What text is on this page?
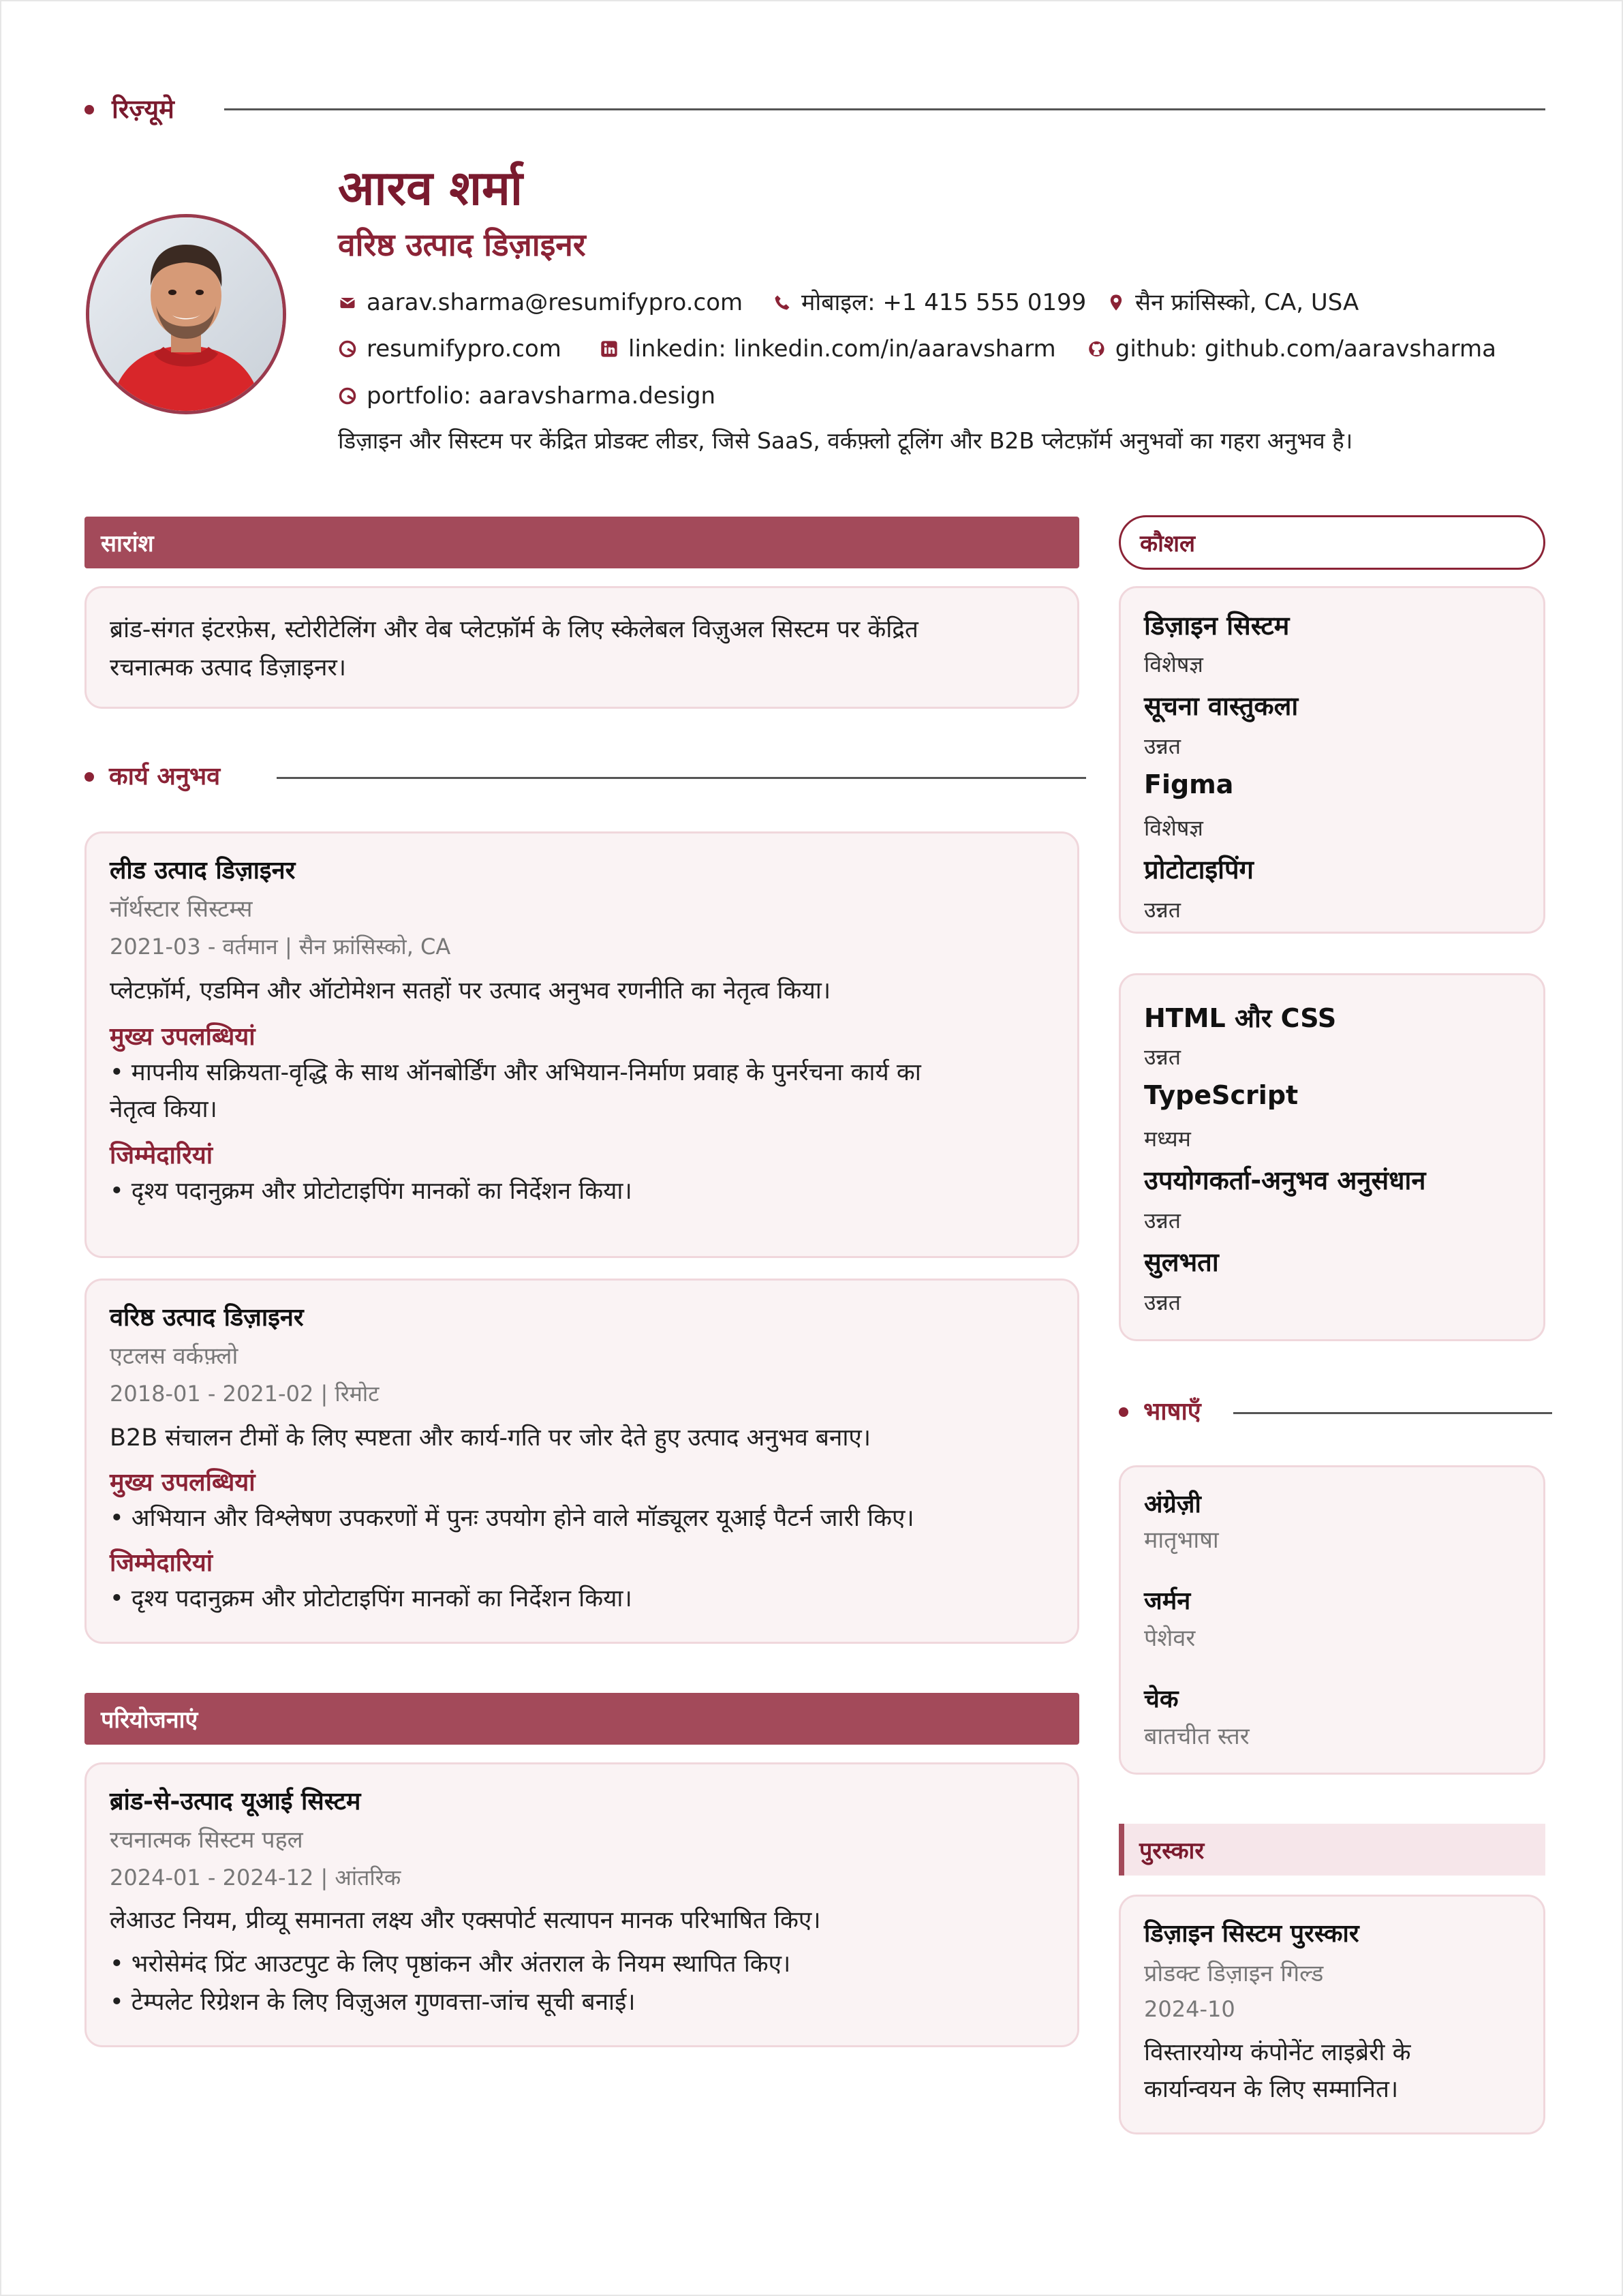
रिज़्यूमे
आरव शर्मा
वरिष्ठ उत्पाद डिज़ाइनर
aarav.sharma@resumifypro.com	मोबाइल: +1 415 555 0199 सैन फ्रांसिस्को, CA, USA
resumifypro.com	linkedin: linkedin.com/in/aaravsharm	github: github.com/aaravsharma
portfolio: aaravsharma.design
डिज़ाइन और सिस्टम पर केंद्रित प्रोडक्ट लीडर, जिसे SaaS, वर्कफ़्लो टूलिंग और B2B प्लेटफ़ॉर्म अनुभवों का गहरा अनुभव है।
सारांश
ब्रांड-संगत इंटरफ़ेस, स्टोरीटेलिंग और वेब प्लेटफ़ॉर्म के लिए स्केलेबल विज़ुअल सिस्टम पर केंद्रित
रचनात्मक उत्पाद डिज़ाइनर।
कार्य अनुभव
लीड उत्पाद डिज़ाइनर
नॉर्थस्टार सिस्टम्स
2021-03 - वर्तमान | सैन फ्रांसिस्को, CA
प्लेटफ़ॉर्म, एडमिन और ऑटोमेशन सतहों पर उत्पाद अनुभव रणनीति का नेतृत्व किया।
मुख्य उपलब्धियां
• मापनीय सक्रियता-वृद्धि के साथ ऑनबोर्डिंग और अभियान-निर्माण प्रवाह के पुनर्रचना कार्य का
नेतृत्व किया।
जिम्मेदारियां
• दृश्य पदानुक्रम और प्रोटोटाइपिंग मानकों का निर्देशन किया।
वरिष्ठ उत्पाद डिज़ाइनर
एटलस वर्कफ़्लो
2018-01 - 2021-02 | रिमोट
B2B संचालन टीमों के लिए स्पष्टता और कार्य-गति पर जोर देते हुए उत्पाद अनुभव बनाए।
मुख्य उपलब्धियां
• अभियान और विश्लेषण उपकरणों में पुनः उपयोग होने वाले मॉड्यूलर यूआई पैटर्न जारी किए।
जिम्मेदारियां
• दृश्य पदानुक्रम और प्रोटोटाइपिंग मानकों का निर्देशन किया।
परियोजनाएं
ब्रांड-से-उत्पाद यूआई सिस्टम
रचनात्मक सिस्टम पहल
2024-01 - 2024-12 | आंतरिक
लेआउट नियम, प्रीव्यू समानता लक्ष्य और एक्सपोर्ट सत्यापन मानक परिभाषित किए।
• भरोसेमंद प्रिंट आउटपुट के लिए पृष्ठांकन और अंतराल के नियम स्थापित किए।
• टेम्पलेट रिग्रेशन के लिए विज़ुअल गुणवत्ता-जांच सूची बनाई।
कौशल
डिज़ाइन सिस्टम
विशेषज्ञ
सूचना वास्तुकला
उन्नत
Figma
विशेषज्ञ
प्रोटोटाइपिंग
उन्नत
HTML और CSS
उन्नत
TypeScript
मध्यम
उपयोगकर्ता-अनुभव अनुसंधान
उन्नत
सुलभता
उन्नत
भाषाएँ
अंग्रेज़ी
मातृभाषा
जर्मन
पेशेवर
चेक
बातचीत स्तर
पुरस्कार
डिज़ाइन सिस्टम पुरस्कार
प्रोडक्ट डिज़ाइन गिल्ड
2024-10
विस्तारयोग्य कंपोनेंट लाइब्रेरी के
कार्यान्वयन के लिए सम्मानित।
